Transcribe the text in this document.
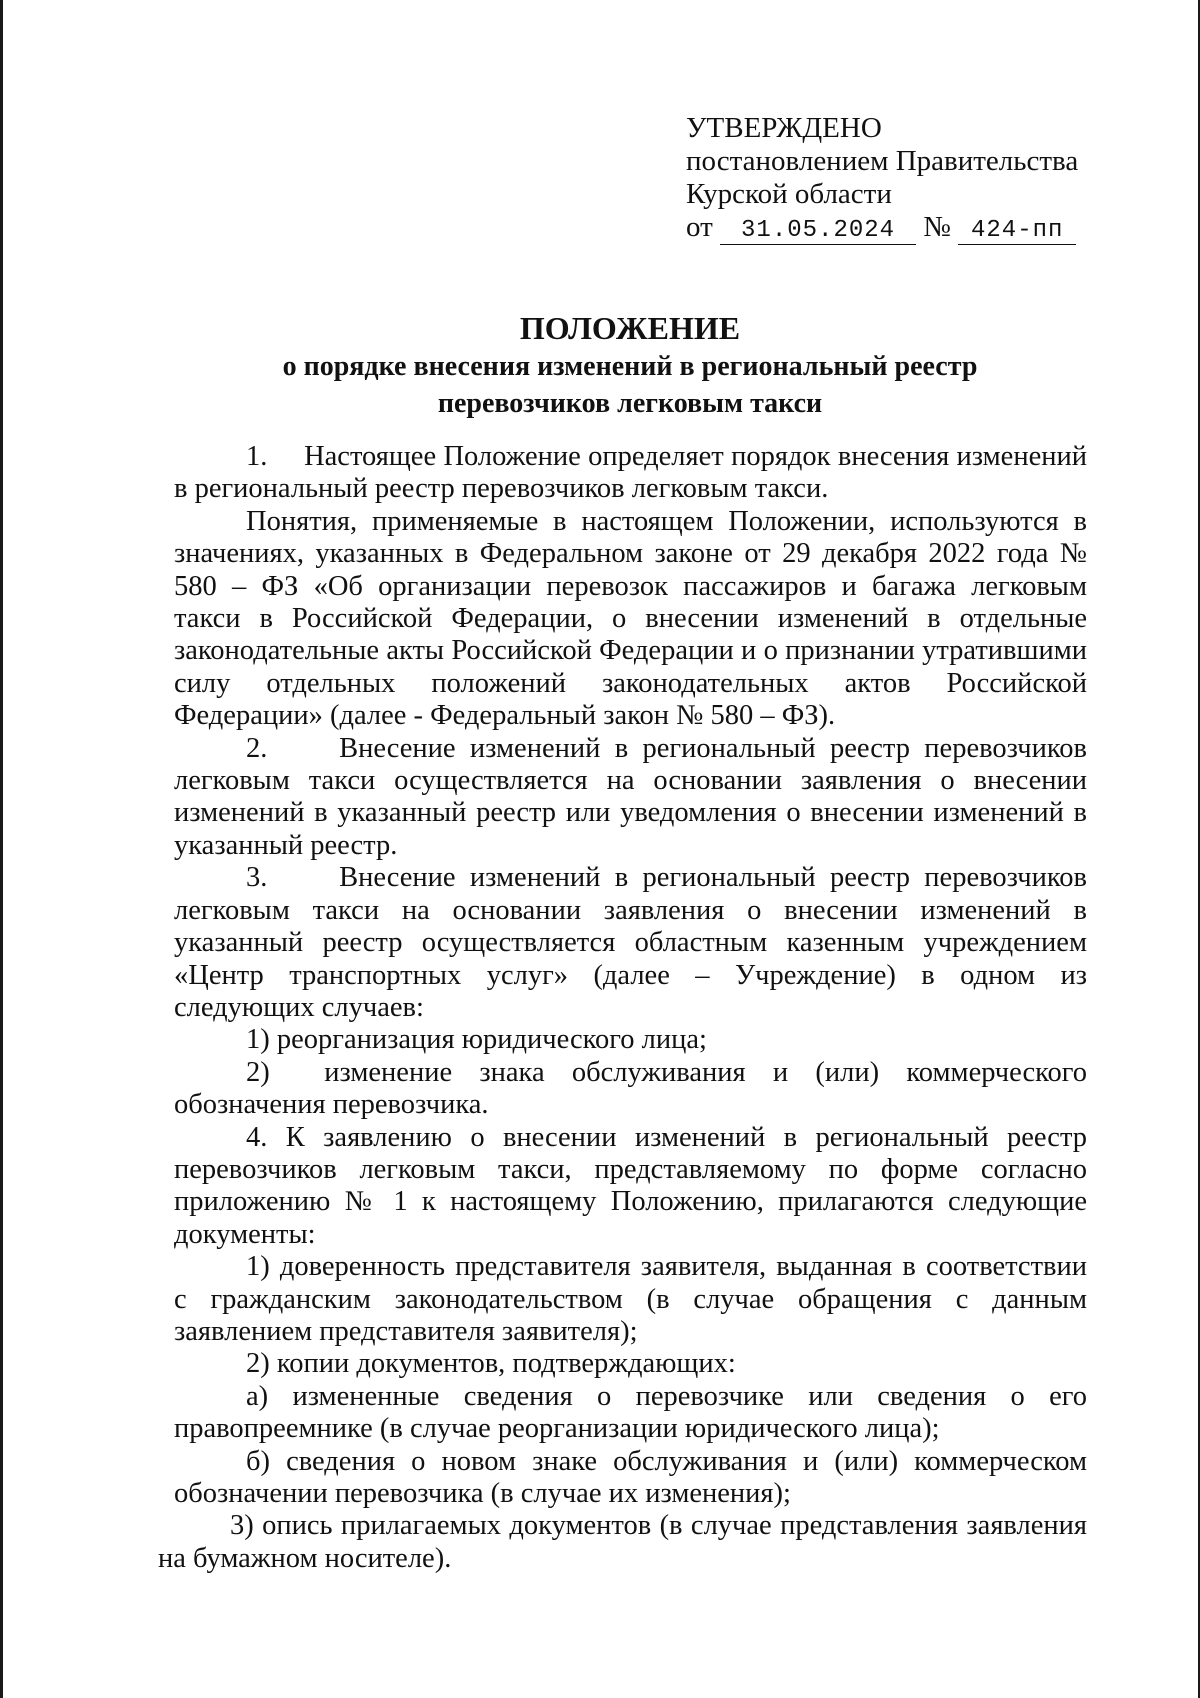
УТВЕРЖДЕНО
постановлением Правительства
Курской области
от 31.05.2024 № 424-пп
ПОЛОЖЕНИЕ
о порядке внесения изменений в региональный реестр
перевозчиков легковым такси

1.     Настоящее Положение определяет порядок внесения изменений в региональный реестр перевозчиков легковым такси.

Понятия, применяемые в настоящем Положении, используются в значениях, указанных в Федеральном законе от 29 декабря 2022 года № 580 – ФЗ «Об организации перевозок пассажиров и багажа легковым такси в Российской Федерации, о внесении изменений в отдельные законодательные акты Российской Федерации и о признании утратившими силу отдельных положений законодательных актов Российской Федерации» (далее - Федеральный закон № 580 – ФЗ).

2.     Внесение изменений в региональный реестр перевозчиков легковым такси осуществляется на основании заявления о внесении изменений в указанный реестр или уведомления о внесении изменений в указанный реестр.

3.     Внесение изменений в региональный реестр перевозчиков легковым такси на основании заявления о внесении изменений в указанный реестр осуществляется областным казенным учреждением «Центр транспортных услуг» (далее – Учреждение) в одном из следующих случаев:

1) реорганизация юридического лица;

2)  изменение знака обслуживания и (или) коммерческого обозначения перевозчика.

4. К заявлению о внесении изменений в региональный реестр перевозчиков легковым такси, представляемому по форме согласно приложению № 1 к настоящему Положению, прилагаются следующие документы:

1) доверенность представителя заявителя, выданная в соответствии с гражданским законодательством (в случае обращения с данным заявлением представителя заявителя);

2) копии документов, подтверждающих:

а) измененные сведения о перевозчике или сведения о его правопреемнике (в случае реорганизации юридического лица);

б) сведения о новом знаке обслуживания и (или) коммерческом обозначении перевозчика (в случае их изменения);

3) опись прилагаемых документов (в случае представления заявления на бумажном носителе).
